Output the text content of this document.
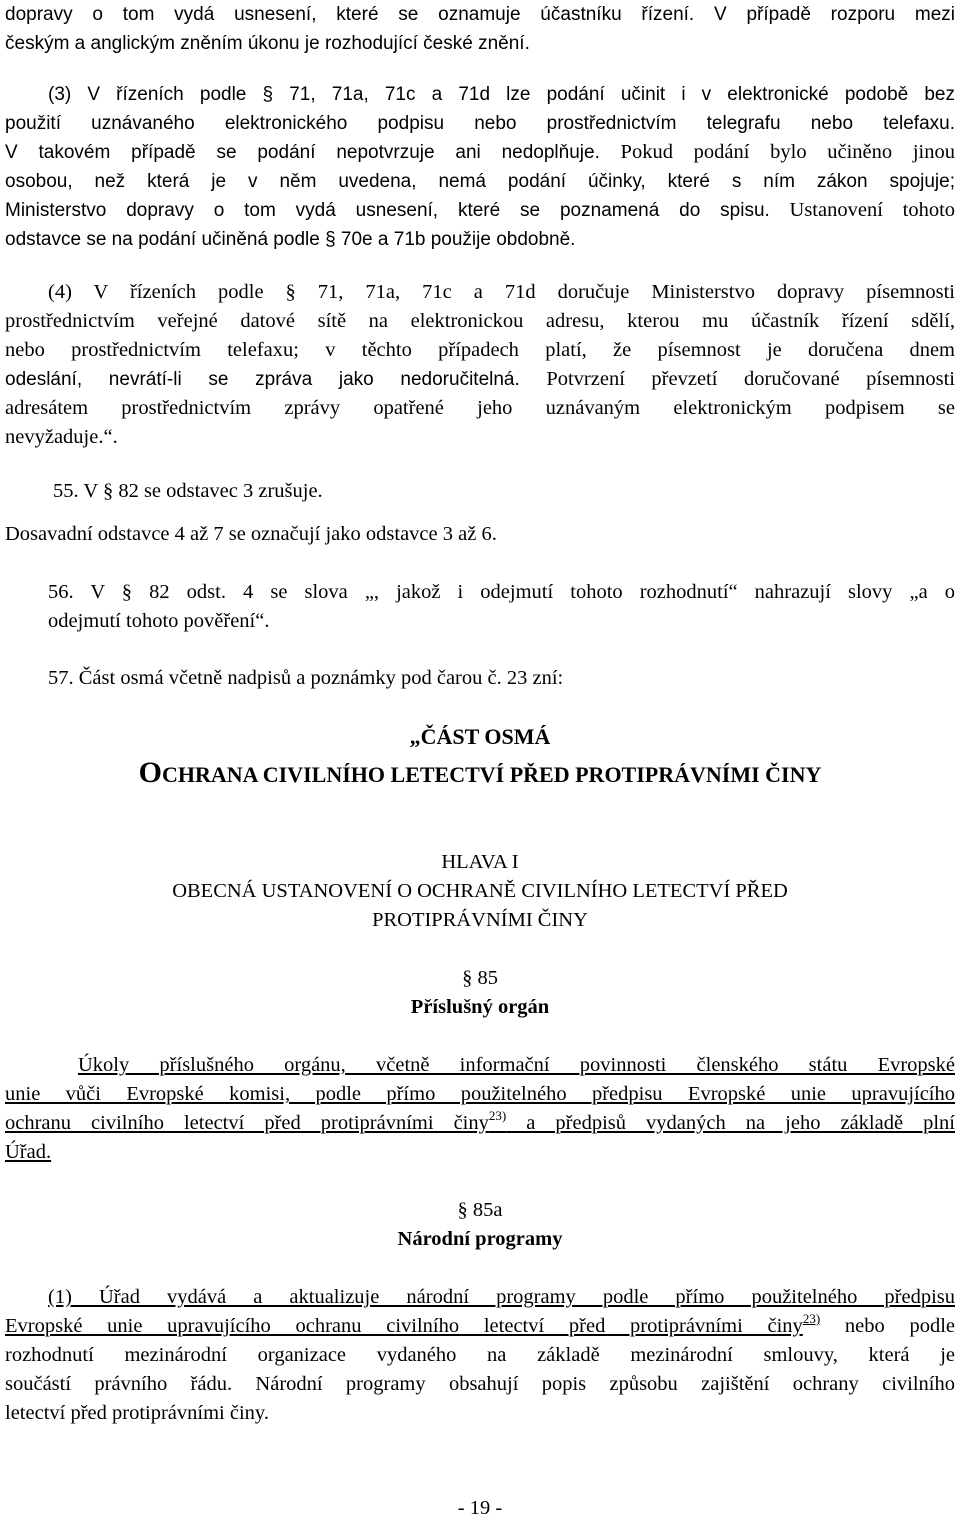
dopravy o tom vydá usnesení, které se oznamuje účastníku řízení. V případě rozporu mezi
českým a anglickým zněním úkonu je rozhodující české znění.
(3) V řízeních podle § 71, 71a, 71c a 71d lze podání učinit i v elektronické podobě bez
použití uznávaného elektronického podpisu nebo prostřednictvím telegrafu nebo telefaxu.
V takovém případě se podání nepotvrzuje ani nedoplňuje. Pokud podání bylo učiněno jinou
osobou, než která je v něm uvedena, nemá podání účinky, které s ním zákon spojuje;
Ministerstvo dopravy o tom vydá usnesení, které se poznamená do spisu. Ustanovení tohoto
odstavce se na podání učiněná podle § 70e a 71b použije obdobně.
(4) V řízeních podle § 71, 71a, 71c a 71d doručuje Ministerstvo dopravy písemnosti
prostřednictvím veřejné datové sítě na elektronickou adresu, kterou mu účastník řízení sdělí,
nebo prostřednictvím telefaxu; v těchto případech platí, že písemnost je doručena dnem
odeslání, nevrátí-li se zpráva jako nedoručitelná. Potvrzení převzetí doručované písemnosti
adresátem prostřednictvím zprávy opatřené jeho uznávaným elektronickým podpisem se
nevyžaduje.“.
55. V § 82 se odstavec 3 zrušuje.
Dosavadní odstavce 4 až 7 se označují jako odstavce 3 až 6.
56. V § 82 odst. 4 se slova „, jakož i odejmutí tohoto rozhodnutí“ nahrazují slovy „a o
odejmutí tohoto pověření“.
57. Část osmá včetně nadpisů a poznámky pod čarou č. 23 zní:
„ČÁST OSMÁ
OCHRANA CIVILNÍHO LETECTVÍ PŘED PROTIPRÁVNÍMI ČINY
HLAVA I
OBECNÁ USTANOVENÍ O OCHRANĚ CIVILNÍHO LETECTVÍ PŘED
PROTIPRÁVNÍMI ČINY
§ 85
Příslušný orgán
Úkoly příslušného orgánu, včetně informační povinnosti členského státu Evropské
unie vůči Evropské komisi, podle přímo použitelného předpisu Evropské unie upravujícího
ochranu civilního letectví před protiprávními činy$^{23)}$ a předpisů vydaných na jeho základě plní
Úřad.
§ 85a
Národní programy
(1) Úřad vydává a aktualizuje národní programy podle přímo použitelného předpisu
Evropské unie upravujícího ochranu civilního letectví před protiprávními činy$^{23)}$ nebo podle
rozhodnutí mezinárodní organizace vydaného na základě mezinárodní smlouvy, která je
součástí právního řádu. Národní programy obsahují popis způsobu zajištění ochrany civilního
letectví před protiprávními činy.
- 19 -
